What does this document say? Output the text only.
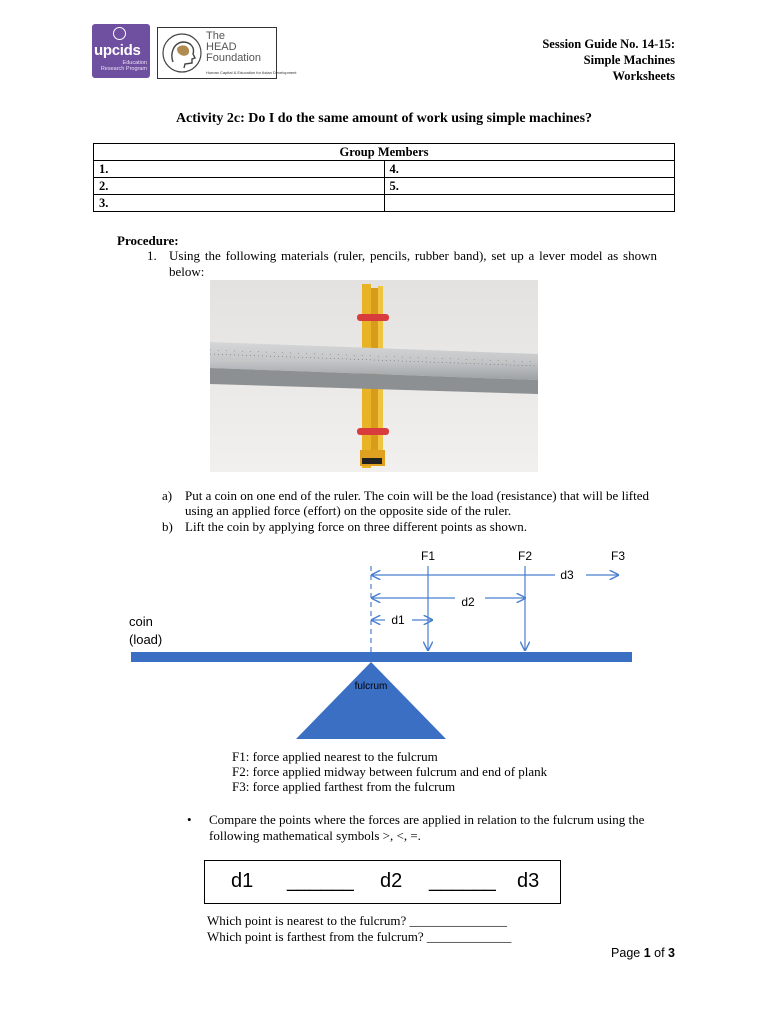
upcids
Education
Research Program
The
HEAD
Foundation
Human Capital & Education for Asian Development
Session Guide No. 14-15:
Simple Machines
Worksheets
Activity 2c: Do I do the same amount of work using simple machines?
Group Members	
1.	4.
2.	5.
3.	
Procedure:
1. Using the following materials (ruler, pencils, rubber band), set up a lever model as shown below:
a) Put a coin on one end of the ruler. The coin will be the load (resistance) that will be lifted using an applied force (effort) on the opposite side of the ruler.
b) Lift the coin by applying force on three different points as shown.
F1	F2	F3
d3
d2
d1
coin
(load)
fulcrum
F1: force applied nearest to the fulcrum
F2: force applied midway between fulcrum and end of plank
F3: force applied farthest from the fulcrum
• Compare the points where the forces are applied in relation to the fulcrum using the following mathematical symbols >, <, =.
d1 ______ d2 ______ d3
Which point is nearest to the fulcrum? _______________
Which point is farthest from the fulcrum? _____________
Page 1 of 3
